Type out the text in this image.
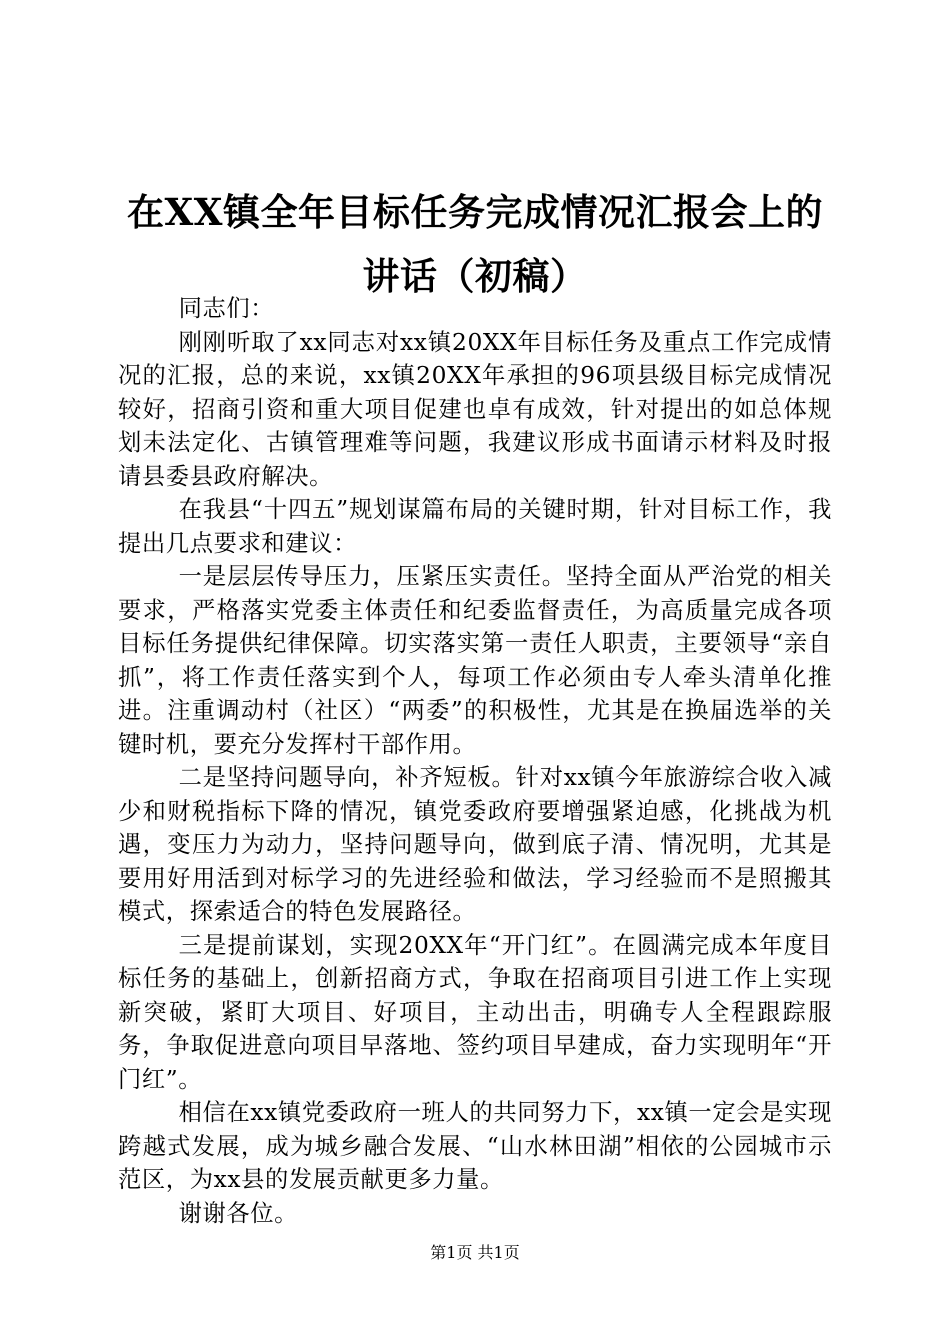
在XX镇全年目标任务完成情况汇报会上的讲话（初稿）

同志们：

刚刚听取了xx同志对xx镇20XX年目标任务及重点工作完成情况的汇报，总的来说，xx镇20XX年承担的96项县级目标完成情况较好，招商引资和重大项目促建也卓有成效，针对提出的如总体规划未法定化、古镇管理难等问题，我建议形成书面请示材料及时报请县委县政府解决。

在我县“十四五”规划谋篇布局的关键时期，针对目标工作，我提出几点要求和建议：

一是层层传导压力，压紧压实责任。坚持全面从严治党的相关要求，严格落实党委主体责任和纪委监督责任，为高质量完成各项目标任务提供纪律保障。切实落实第一责任人职责，主要领导“亲自抓”，将工作责任落实到个人，每项工作必须由专人牵头清单化推进。注重调动村（社区）“两委”的积极性，尤其是在换届选举的关键时机，要充分发挥村干部作用。

二是坚持问题导向，补齐短板。针对xx镇今年旅游综合收入减少和财税指标下降的情况，镇党委政府要增强紧迫感，化挑战为机遇，变压力为动力，坚持问题导向，做到底子清、情况明，尤其是要用好用活到对标学习的先进经验和做法，学习经验而不是照搬其模式，探索适合的特色发展路径。

三是提前谋划，实现20XX年“开门红”。在圆满完成本年度目标任务的基础上，创新招商方式，争取在招商项目引进工作上实现新突破，紧盯大项目、好项目，主动出击，明确专人全程跟踪服务，争取促进意向项目早落地、签约项目早建成，奋力实现明年“开门红”。

相信在xx镇党委政府一班人的共同努力下，xx镇一定会是实现跨越式发展，成为城乡融合发展、“山水林田湖”相依的公园城市示范区，为xx县的发展贡献更多力量。

谢谢各位。

第1页 共1页
